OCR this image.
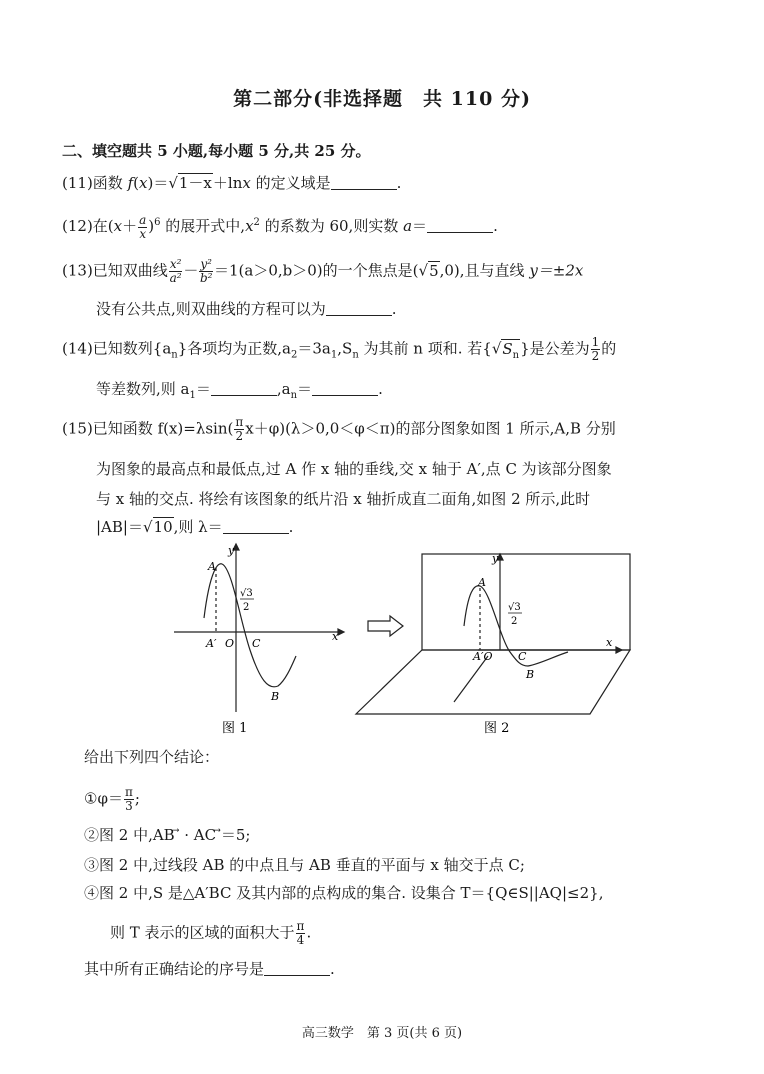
第二部分(非选择题　共 110 分)
二、填空题共 5 小题,每小题 5 分,共 25 分。
(11)函数 f(x)＝√1－x＋lnx 的定义域是	.
(12)在$(x+ \frac{a}{x} )^6$ 的展开式中$,x^2$ 的系数为 60,则实数 a＝	.
(13)已知双曲线 $\frac{\text{x²}}{\text{a²}} - \frac{\text{y²}}{\text{b²}} =1(a>0,b>0)$的一个焦点是(√5,0),且与直线 y＝±2x
没有公共点,则双曲线的方程可以为	.
(14)已知数列$\{a_n\}$各项均为正数$,a_2=3a_1,S_n$ 为其前 n 项和. 若$\{√S_n\}$是公差为 $\frac{1}{2}$ 的
等差数列,则 $a_1=$	$,a_n=$	.
(15)已知函数 $f(x)=\lambda\sin( \frac{\pi}{2} x+\varphi)(\lambda>0,0<\varphi<\pi)$的部分图象如图 1 所示,A,B 分别
为图象的最高点和最低点,过 A 作 x 轴的垂线,交 x 轴于 A′,点 C 为该部分图象
与 x 轴的交点. 将绘有该图象的纸片沿 x 轴折成直二面角,如图 2 所示,此时
|AB|＝√10,则 λ＝	.
A
A′ O C
B
y
x
√3
2
图 1
A
A′O C
B
y
x
√3
2
图 2
给出下列四个结论：
①φ＝ $\frac{\pi}{3}$ ;
②图 2 中,AB ⃗ · AC ⃗＝5;
③图 2 中,过线段 AB 的中点且与 AB 垂直的平面与 x 轴交于点 C;
④图 2 中,S 是△A′BC 及其内部的点构成的集合. 设集合 T＝{Q∈S||AQ|≤2},
则 T 表示的区域的面积大于 $\frac{\pi}{4}$ .
其中所有正确结论的序号是	.
高三数学　第 3 页(共 6 页)
